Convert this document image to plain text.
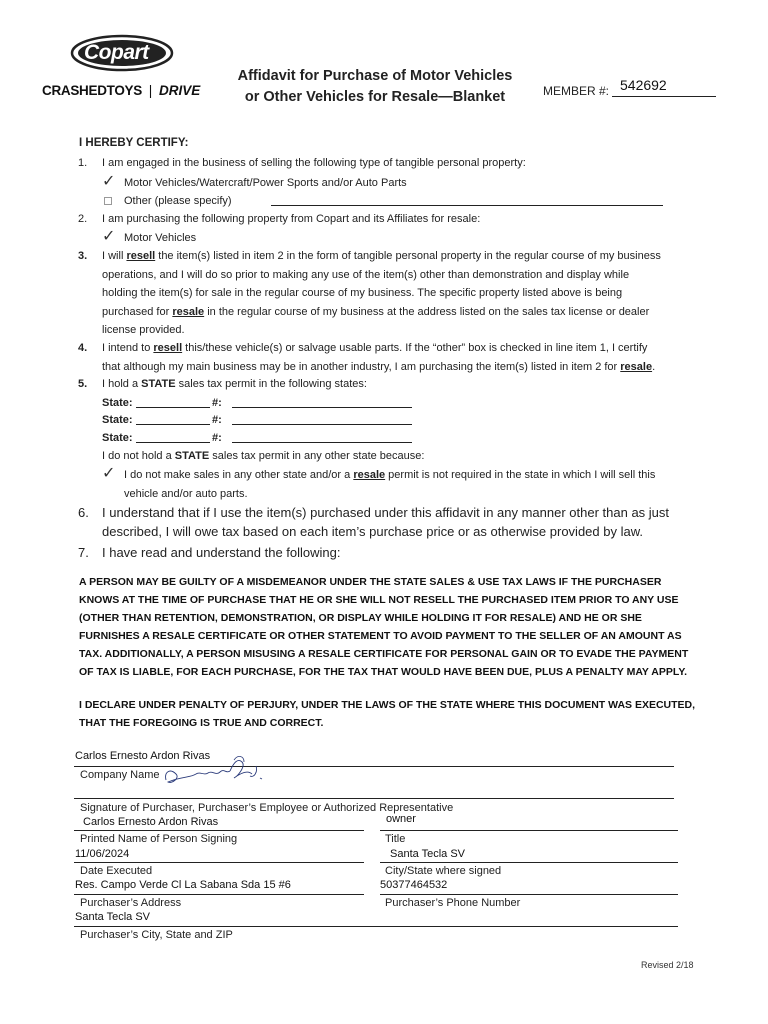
Copart
CRASHEDTOYS | DRIVE
Affidavit for Purchase of Motor Vehicles
or Other Vehicles for Resale—Blanket	MEMBER #: 542692
I HEREBY CERTIFY:
1. I am engaged in the business of selling the following type of tangible personal property:
✓ Motor Vehicles/Watercraft/Power Sports and/or Auto Parts
Other (please specify)
2. I am purchasing the following property from Copart and its Affiliates for resale:
✓ Motor Vehicles
3. I will resell the item(s) listed in item 2 in the form of tangible personal property in the regular course of my business
operations, and I will do so prior to making any use of the item(s) other than demonstration and display while
holding the item(s) for sale in the regular course of my business. The specific property listed above is being
purchased for resale in the regular course of my business at the address listed on the sales tax license or dealer
license provided.
4. I intend to resell this/these vehicle(s) or salvage usable parts. If the “other” box is checked in line item 1, I certify
that although my main business may be in another industry, I am purchasing the item(s) listed in item 2 for resale.
5. I hold a STATE sales tax permit in the following states:
State:	#:
State:	#:
State:	#:
I do not hold a STATE sales tax permit in any other state because:
✓ I do not make sales in any other state and/or a resale permit is not required in the state in which I will sell this
vehicle and/or auto parts.
6. I understand that if I use the item(s) purchased under this affidavit in any manner other than as just
described, I will owe tax based on each item’s purchase price or as otherwise provided by law.
7. I have read and understand the following:
A PERSON MAY BE GUILTY OF A MISDEMEANOR UNDER THE STATE SALES & USE TAX LAWS IF THE PURCHASER
KNOWS AT THE TIME OF PURCHASE THAT HE OR SHE WILL NOT RESELL THE PURCHASED ITEM PRIOR TO ANY USE
(OTHER THAN RETENTION, DEMONSTRATION, OR DISPLAY WHILE HOLDING IT FOR RESALE) AND HE OR SHE
FURNISHES A RESALE CERTIFICATE OR OTHER STATEMENT TO AVOID PAYMENT TO THE SELLER OF AN AMOUNT AS
TAX. ADDITIONALLY, A PERSON MISUSING A RESALE CERTIFICATE FOR PERSONAL GAIN OR TO EVADE THE PAYMENT
OF TAX IS LIABLE, FOR EACH PURCHASE, FOR THE TAX THAT WOULD HAVE BEEN DUE, PLUS A PENALTY MAY APPLY.
I DECLARE UNDER PENALTY OF PERJURY, UNDER THE LAWS OF THE STATE WHERE THIS DOCUMENT WAS EXECUTED,
THAT THE FOREGOING IS TRUE AND CORRECT.
Carlos Ernesto Ardon Rivas
Company Name
Signature of Purchaser, Purchaser’s Employee or Authorized Representative
Carlos Ernesto Ardon Rivas
Printed Name of Person Signing
owner
Title
11/06/2024
Date Executed
Santa Tecla SV
City/State where signed
Res. Campo Verde Cl La Sabana Sda 15 #6
Purchaser’s Address
50377464532
Purchaser’s Phone Number
Santa Tecla SV
Purchaser’s City, State and ZIP
Revised 2/18
